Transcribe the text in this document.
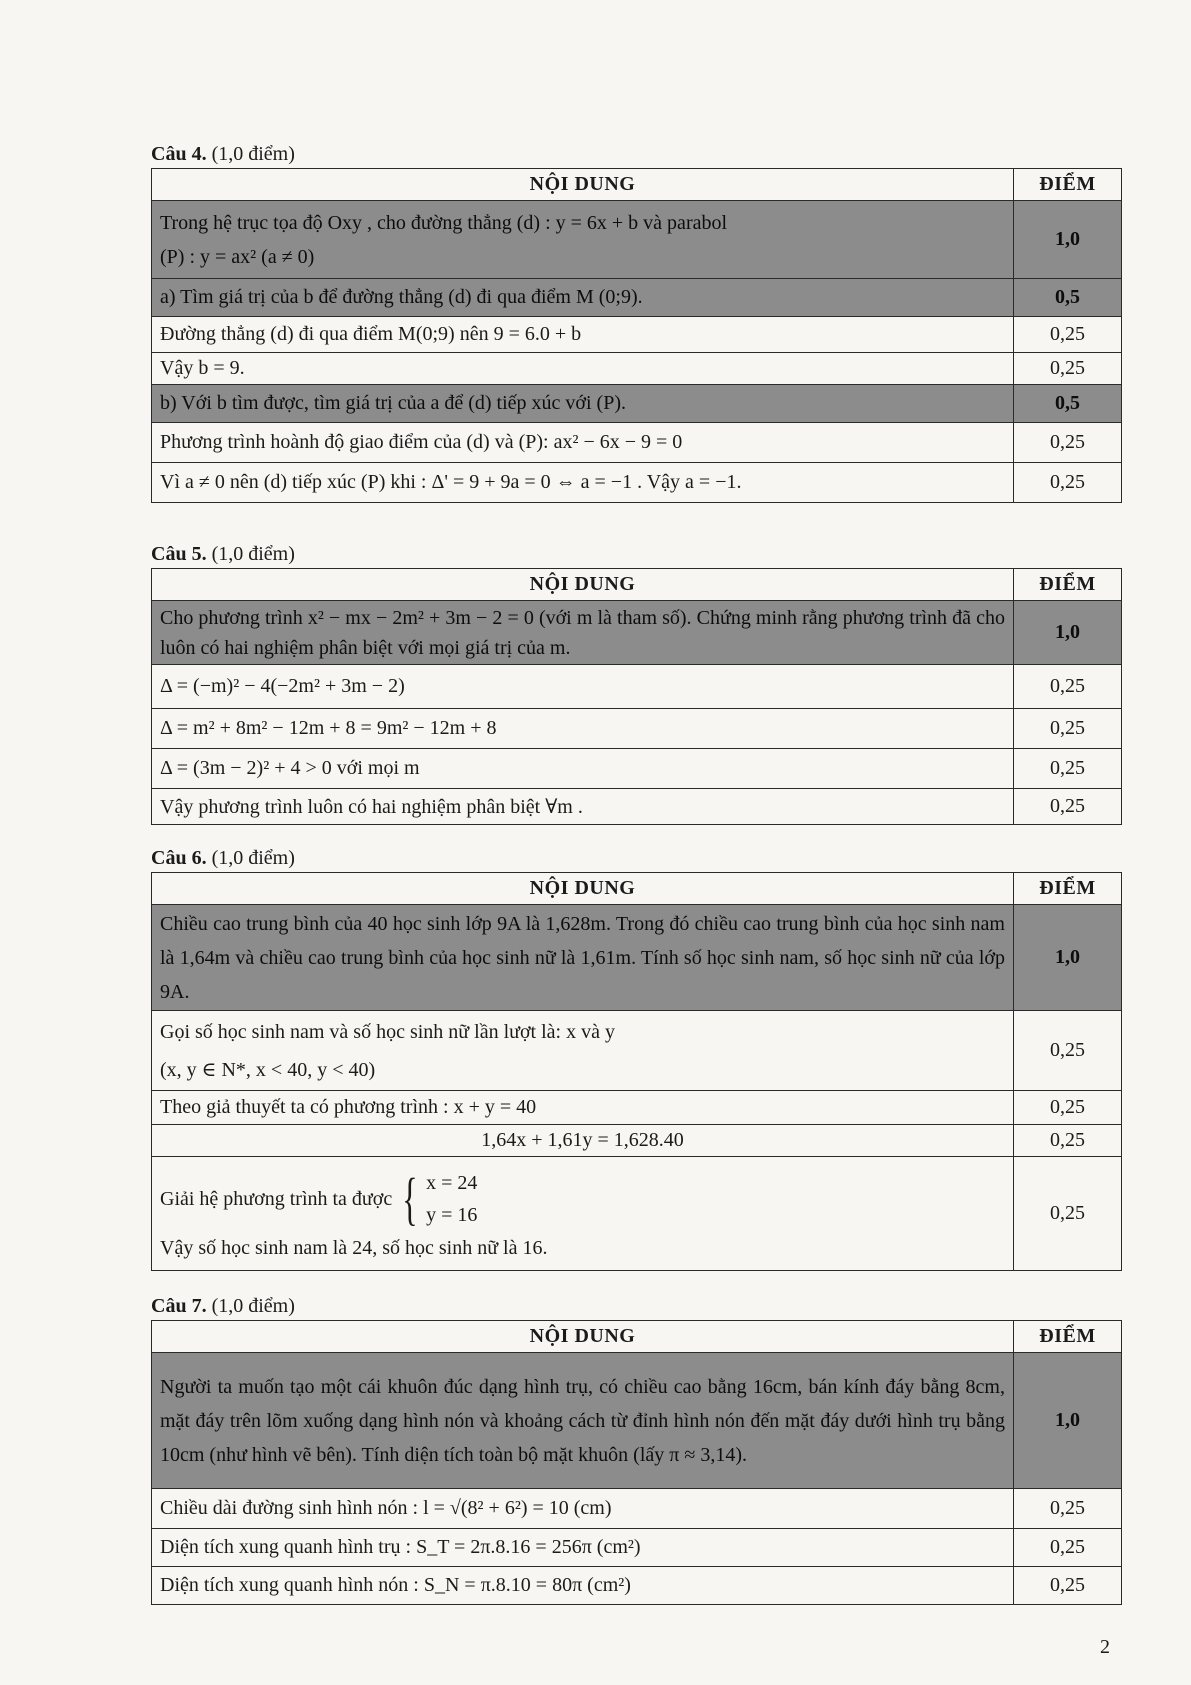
Câu 4. (1,0 điểm)
NỘI DUNG	ĐIỂM

Trong hệ trục tọa độ Oxy , cho đường thẳng (d) : y = 6x + b và parabol
(P) : y = ax² (a ≠ 0)	1,0
a) Tìm giá trị của b để đường thẳng (d) đi qua điểm M (0;9).	0,5
Đường thẳng (d) đi qua điểm M(0;9) nên 9 = 6.0 + b	0,25
Vậy b = 9.	0,25
b) Với b tìm được, tìm giá trị của a để (d) tiếp xúc với (P).	0,5
Phương trình hoành độ giao điểm của (d) và (P): ax² − 6x − 9 = 0	0,25
Vì a ≠ 0 nên (d) tiếp xúc (P) khi : Δ' = 9 + 9a = 0 ⇔ a = −1 . Vậy a = −1.	0,25
Câu 5. (1,0 điểm)
NỘI DUNG	ĐIỂM
Cho phương trình x² − mx − 2m² + 3m − 2 = 0 (với m là tham số). Chứng minh rằng phương trình đã cho luôn có hai nghiệm phân biệt với mọi giá trị của m.	1,0
Δ = (−m)² − 4(−2m² + 3m − 2)	0,25
Δ = m² + 8m² − 12m + 8 = 9m² − 12m + 8	0,25
Δ = (3m − 2)² + 4 > 0 với mọi m	0,25
Vậy phương trình luôn có hai nghiệm phân biệt ∀m .	0,25
Câu 6. (1,0 điểm)
NỘI DUNG	ĐIỂM
Chiều cao trung bình của 40 học sinh lớp 9A là 1,628m. Trong đó chiều cao trung bình của học sinh nam là 1,64m và chiều cao trung bình của học sinh nữ là 1,61m. Tính số học sinh nam, số học sinh nữ của lớp 9A.	1,0

Gọi số học sinh nam và số học sinh nữ lần lượt là: x và y
(x, y ∈ N*, x < 40, y < 40)	0,25
Theo giả thuyết ta có phương trình : x + y = 40	0,25
1,64x + 1,61y = 1,628.40	0,25

Giải hệ phương trình ta được { x = 24
y = 16
Vậy số học sinh nam là 24, số học sinh nữ là 16.	0,25
Câu 7. (1,0 điểm)
NỘI DUNG	ĐIỂM
Người ta muốn tạo một cái khuôn đúc dạng hình trụ, có chiều cao bằng 16cm, bán kính đáy bằng 8cm, mặt đáy trên lõm xuống dạng hình nón và khoảng cách từ đỉnh hình nón đến mặt đáy dưới hình trụ bằng 10cm (như hình vẽ bên). Tính diện tích toàn bộ mặt khuôn (lấy π ≈ 3,14).	1,0
Chiều dài đường sinh hình nón : l = √(8² + 6²) = 10 (cm)	0,25
Diện tích xung quanh hình trụ : S_T = 2π.8.16 = 256π (cm²)	0,25
Diện tích xung quanh hình nón : S_N = π.8.10 = 80π (cm²)	0,25
2
